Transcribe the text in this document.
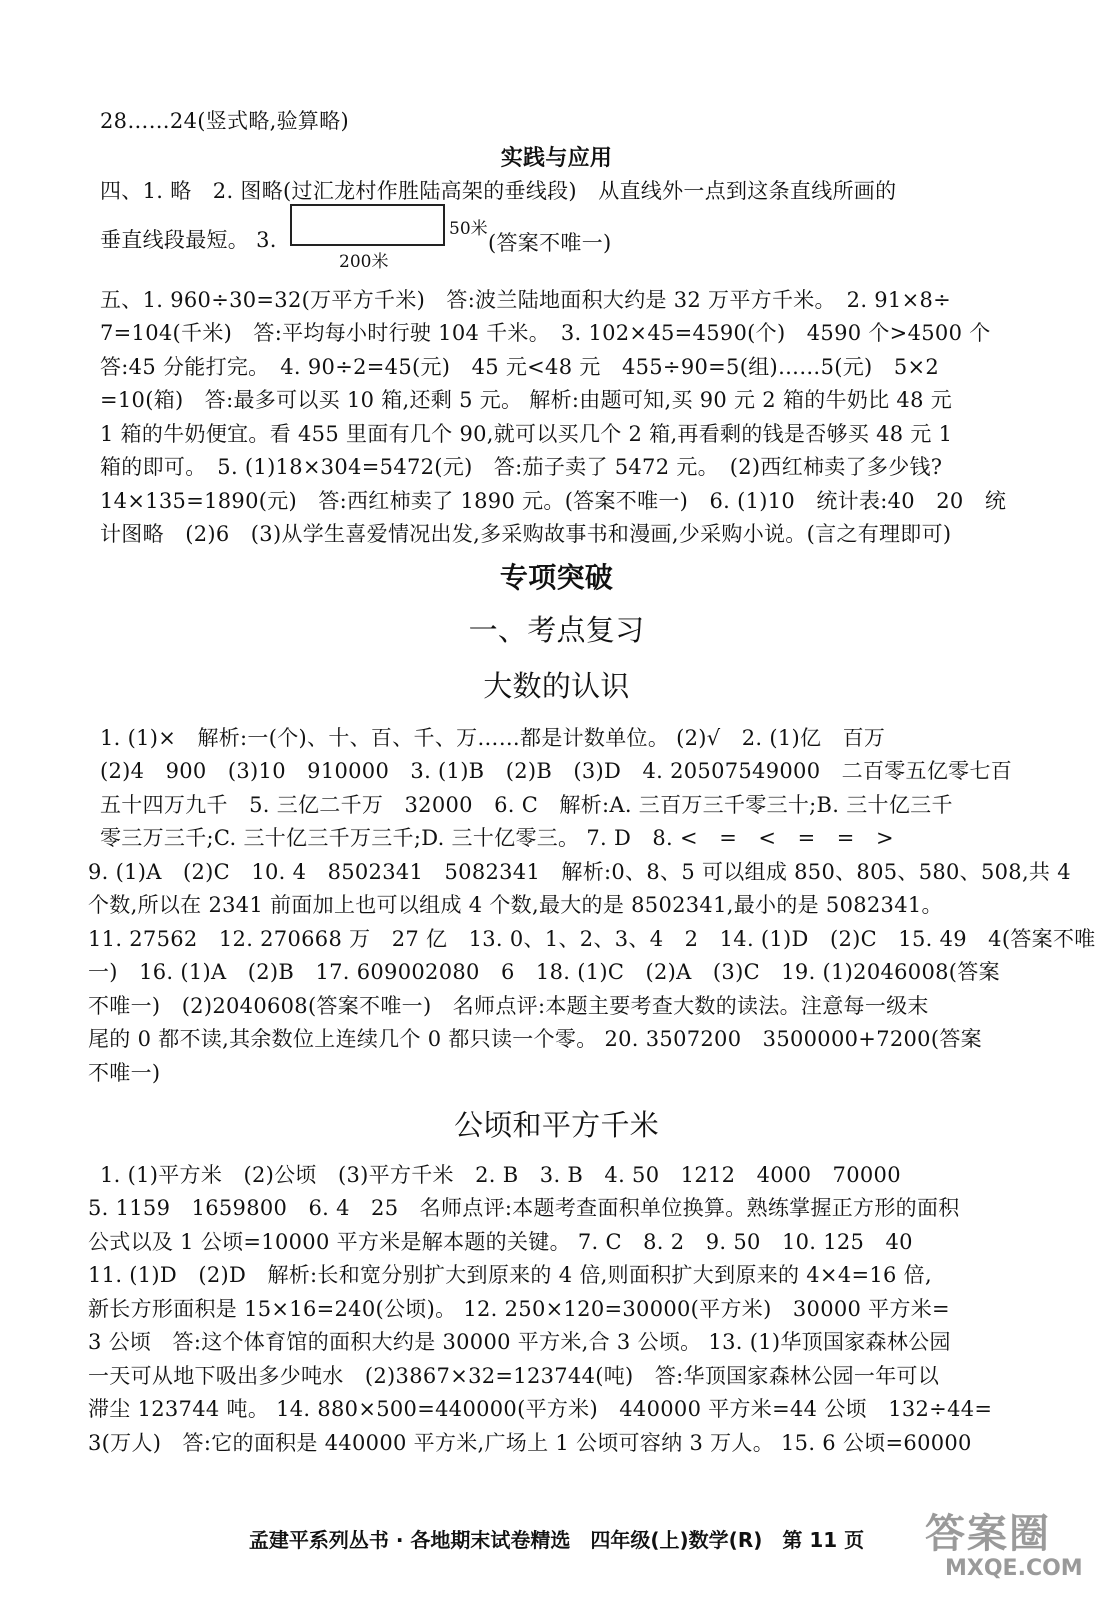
28……24(竖式略,验算略)
实践与应用
四、1. 略　2. 图略(过汇龙村作胜陆高架的垂线段)　从直线外一点到这条直线所画的
垂直线段最短。 3.	50米
200米
(答案不唯一)
五、1. 960÷30=32(万平方千米)　答:波兰陆地面积大约是 32 万平方千米。　2. 91×8÷
7=104(千米)　答:平均每小时行驶 104 千米。　3. 102×45=4590(个)　4590 个>4500 个
答:45 分能打完。　4. 90÷2=45(元)　45 元<48 元　455÷90=5(组)……5(元)　5×2
=10(箱)　答:最多可以买 10 箱,还剩 5 元。 解析:由题可知,买 90 元 2 箱的牛奶比 48 元
1 箱的牛奶便宜。看 455 里面有几个 90,就可以买几个 2 箱,再看剩的钱是否够买 48 元 1
箱的即可。　5. (1)18×304=5472(元)　答:茄子卖了 5472 元。　(2)西红柿卖了多少钱?
14×135=1890(元)　答:西红柿卖了 1890 元。(答案不唯一)　6. (1)10　统计表:40　20　统
计图略　(2)6　(3)从学生喜爱情况出发,多采购故事书和漫画,少采购小说。(言之有理即可)
专项突破
一、考点复习
大数的认识
1. (1)×　解析:一(个)、十、百、千、万……都是计数单位。 (2)√　2. (1)亿　百万
(2)4　900　(3)10　910000　3. (1)B　(2)B　(3)D　4. 20507549000　二百零五亿零七百
五十四万九千　5. 三亿二千万　32000　6. C　解析:A. 三百万三千零三十;B. 三十亿三千
零三万三千;C. 三十亿三千万三千;D. 三十亿零三。 7. D　8. <　=　<　=　=　>
9. (1)A　(2)C　10. 4　8502341　5082341　解析:0、8、5 可以组成 850、805、580、508,共 4
个数,所以在 2341 前面加上也可以组成 4 个数,最大的是 8502341,最小的是 5082341。
11. 27562　12. 270668 万　27 亿　13. 0、1、2、3、4　2　14. (1)D　(2)C　15. 49　4(答案不唯
一)　16. (1)A　(2)B　17. 609002080　6　18. (1)C　(2)A　(3)C　19. (1)2046008(答案
不唯一)　(2)2040608(答案不唯一)　名师点评:本题主要考查大数的读法。注意每一级末
尾的 0 都不读,其余数位上连续几个 0 都只读一个零。 20. 3507200　3500000+7200(答案
不唯一)
公顷和平方千米
1. (1)平方米　(2)公顷　(3)平方千米　2. B　3. B　4. 50　1212　4000　70000
5. 1159　1659800　6. 4　25　名师点评:本题考查面积单位换算。熟练掌握正方形的面积
公式以及 1 公顷=10000 平方米是解本题的关键。 7. C　8. 2　9. 50　10. 125　40
11. (1)D　(2)D　解析:长和宽分别扩大到原来的 4 倍,则面积扩大到原来的 4×4=16 倍,
新长方形面积是 15×16=240(公顷)。 12. 250×120=30000(平方米)　30000 平方米=
3 公顷　答:这个体育馆的面积大约是 30000 平方米,合 3 公顷。 13. (1)华顶国家森林公园
一天可从地下吸出多少吨水　(2)3867×32=123744(吨)　答:华顶国家森林公园一年可以
滞尘 123744 吨。 14. 880×500=440000(平方米)　440000 平方米=44 公顷　132÷44=
3(万人)　答:它的面积是 440000 平方米,广场上 1 公顷可容纳 3 万人。 15. 6 公顷=60000
孟建平系列丛书 · 各地期末试卷精选　四年级(上)数学(R)　第 11 页	答案圈
MXQE.COM
